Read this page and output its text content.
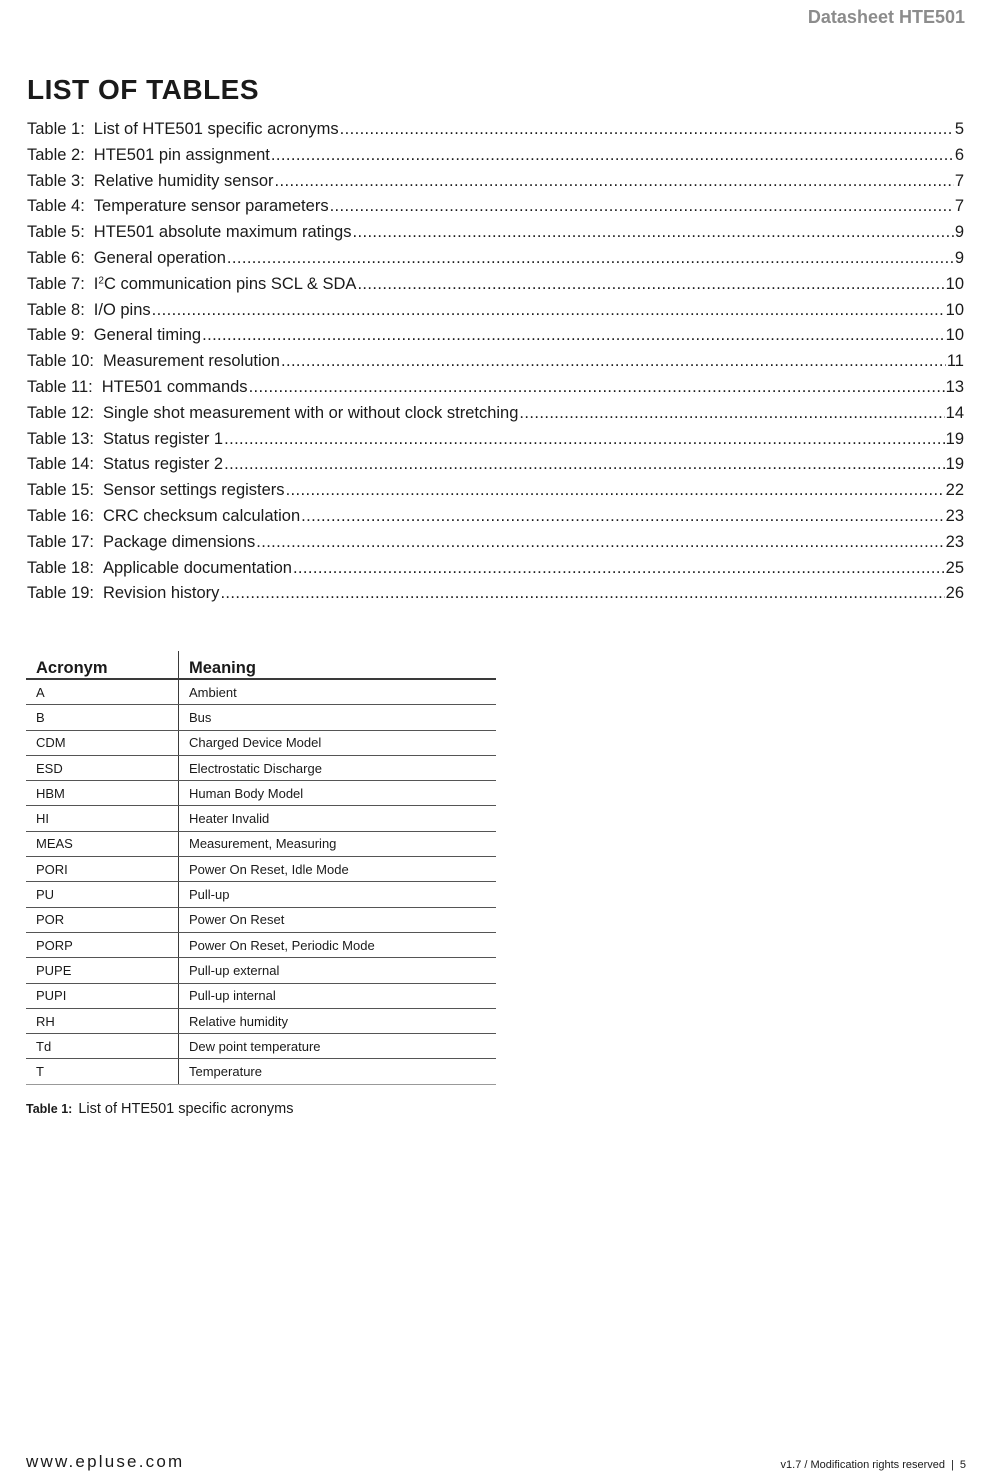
Datasheet HTE501
LIST OF TABLES
Table 1: List of HTE501 specific acronyms .....	5
Table 2: HTE501 pin assignment .....	6
Table 3: Relative humidity sensor .....	7
Table 4: Temperature sensor parameters .....	7
Table 5: HTE501 absolute maximum ratings .....	9
Table 6: General operation .....	9
Table 7: $I^2C$ communication pins SCL & SDA .....	10
Table 8: I/O pins .....	10
Table 9: General timing .....	10
Table 10: Measurement resolution .....	11
Table 11: HTE501 commands .....	13
Table 12: Single shot measurement with or without clock stretching .....	14
Table 13: Status register 1 .....	19
Table 14: Status register 2 .....	19
Table 15: Sensor settings registers .....	22
Table 16: CRC checksum calculation .....	23
Table 17: Package dimensions .....	23
Table 18: Applicable documentation .....	25
Table 19: Revision history .....	26
Acronym	Meaning
A	Ambient
B	Bus
CDM	Charged Device Model
ESD	Electrostatic Discharge
HBM	Human Body Model
HI	Heater Invalid
MEAS	Measurement, Measuring
PORI	Power On Reset, Idle Mode
PU	Pull-up
POR	Power On Reset
PORP	Power On Reset, Periodic Mode
PUPE	Pull-up external
PUPI	Pull-up internal
RH	Relative humidity
Td	Dew point temperature
T	Temperature
Table 1: List of HTE501 specific acronyms
www.epluse.com	v1.7 / Modification rights reserved | 5
